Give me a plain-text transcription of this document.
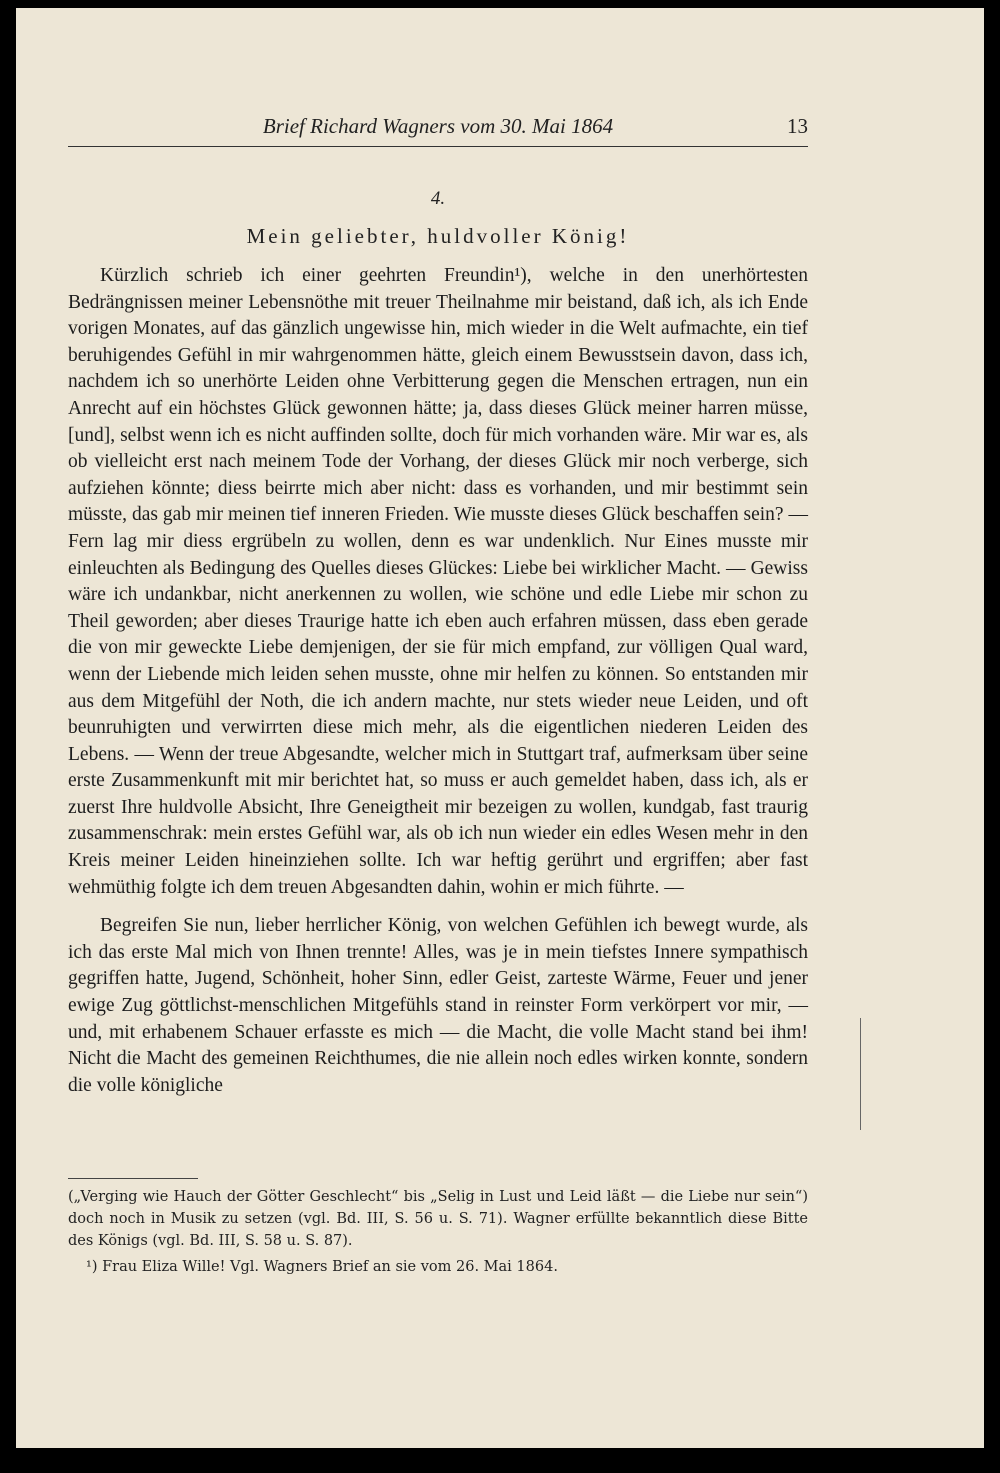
Brief Richard Wagners vom 30. Mai 1864	13
4.
Mein geliebter, huldvoller König!

Kürzlich schrieb ich einer geehrten Freundin¹), welche in den unerhörtesten Bedrängnissen meiner Lebensnöthe mit treuer Theilnahme mir beistand, daß ich, als ich Ende vorigen Monates, auf das gänzlich ungewisse hin, mich wieder in die Welt aufmachte, ein tief beruhigendes Gefühl in mir wahrgenommen hätte, gleich einem Bewusstsein davon, dass ich, nachdem ich so unerhörte Leiden ohne Verbitterung gegen die Menschen ertragen, nun ein Anrecht auf ein höchstes Glück gewonnen hätte; ja, dass dieses Glück meiner harren müsse, [und], selbst wenn ich es nicht auffinden sollte, doch für mich vorhanden wäre. Mir war es, als ob vielleicht erst nach meinem Tode der Vorhang, der dieses Glück mir noch verberge, sich aufziehen könnte; diess beirrte mich aber nicht: dass es vorhanden, und mir bestimmt sein müsste, das gab mir meinen tief inneren Frieden. Wie musste dieses Glück beschaffen sein? — Fern lag mir diess ergrübeln zu wollen, denn es war undenklich. Nur Eines musste mir einleuchten als Bedingung des Quelles dieses Glückes: Liebe bei wirklicher Macht. — Gewiss wäre ich undankbar, nicht anerkennen zu wollen, wie schöne und edle Liebe mir schon zu Theil geworden; aber dieses Traurige hatte ich eben auch erfahren müssen, dass eben gerade die von mir geweckte Liebe demjenigen, der sie für mich empfand, zur völligen Qual ward, wenn der Liebende mich leiden sehen musste, ohne mir helfen zu können. So entstanden mir aus dem Mitgefühl der Noth, die ich andern machte, nur stets wieder neue Leiden, und oft beunruhigten und verwirrten diese mich mehr, als die eigentlichen niederen Leiden des Lebens. — Wenn der treue Abgesandte, welcher mich in Stuttgart traf, aufmerksam über seine erste Zusammenkunft mit mir berichtet hat, so muss er auch gemeldet haben, dass ich, als er zuerst Ihre huldvolle Absicht, Ihre Geneigtheit mir bezeigen zu wollen, kundgab, fast traurig zusammenschrak: mein erstes Gefühl war, als ob ich nun wieder ein edles Wesen mehr in den Kreis meiner Leiden hineinziehen sollte. Ich war heftig gerührt und ergriffen; aber fast wehmüthig folgte ich dem treuen Abgesandten dahin, wohin er mich führte. —

Begreifen Sie nun, lieber herrlicher König, von welchen Gefühlen ich bewegt wurde, als ich das erste Mal mich von Ihnen trennte! Alles, was je in mein tiefstes Innere sympathisch gegriffen hatte, Jugend, Schönheit, hoher Sinn, edler Geist, zarteste Wärme, Feuer und jener ewige Zug göttlichst-menschlichen Mitgefühls stand in reinster Form verkörpert vor mir, — und, mit erhabenem Schauer erfasste es mich — die Macht, die volle Macht stand bei ihm! Nicht die Macht des gemeinen Reichthumes, die nie allein noch edles wirken konnte, sondern die volle königliche

(„Verging wie Hauch der Götter Geschlecht“ bis „Selig in Lust und Leid läßt — die Liebe nur sein“) doch noch in Musik zu setzen (vgl. Bd. III, S. 56 u. S. 71). Wagner erfüllte bekanntlich diese Bitte des Königs (vgl. Bd. III, S. 58 u. S. 87).

¹) Frau Eliza Wille! Vgl. Wagners Brief an sie vom 26. Mai 1864.
